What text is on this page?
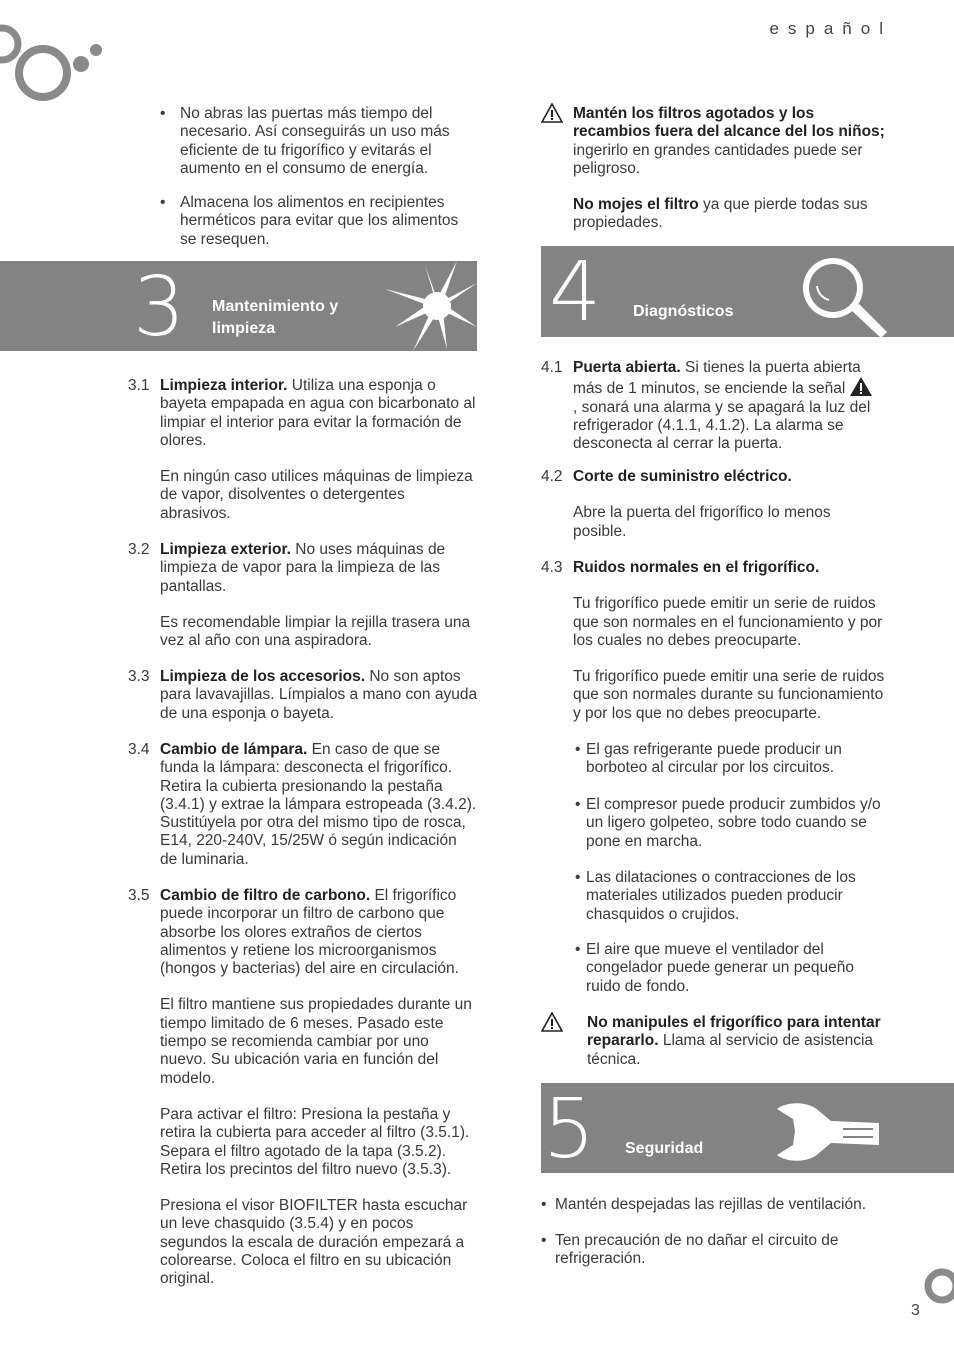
español
• No abras las puertas más tiempo del necesario. Así conseguirás un uso más eficiente de tu frigorífico y evitarás el aumento en el consumo de energía.
• Almacena los alimentos en recipientes herméticos para evitar que los alimentos se resequen.
3 Mantenimiento y
limpieza
3.1 Limpieza interior. Utiliza una esponja o bayeta empapada en agua con bicarbonato al limpiar el interior para evitar la formación de olores.

En ningún caso utilices máquinas de limpieza de vapor, disolventes o detergentes abrasivos.

3.2 Limpieza exterior. No uses máquinas de limpieza de vapor para la limpieza de las pantallas.

Es recomendable limpiar la rejilla trasera una vez al año con una aspiradora.

3.3 Limpieza de los accesorios. No son aptos para lavavajillas. Límpialos a mano con ayuda de una esponja o bayeta.

3.4 Cambio de lámpara. En caso de que se funda la lámpara: desconecta el frigorífico. Retira la cubierta presionando la pestaña (3.4.1) y extrae la lámpara estropeada (3.4.2). Sustitúyela por otra del mismo tipo de rosca, E14, 220-240V, 15/25W ó según indicación de luminaria.

3.5 Cambio de filtro de carbono. El frigorífico puede incorporar un filtro de carbono que absorbe los olores extraños de ciertos alimentos y retiene los microorganismos (hongos y bacterias) del aire en circulación.

El filtro mantiene sus propiedades durante un tiempo limitado de 6 meses. Pasado este tiempo se recomienda cambiar por uno nuevo. Su ubicación varia en función del modelo.

Para activar el filtro: Presiona la pestaña y retira la cubierta para acceder al filtro (3.5.1). Separa el filtro agotado de la tapa (3.5.2). Retira los precintos del filtro nuevo (3.5.3).

Presiona el visor BIOFILTER hasta escuchar un leve chasquido (3.5.4) y en pocos segundos la escala de duración empezará a colorearse. Coloca el filtro en su ubicación original.

Mantén los filtros agotados y los recambios fuera del alcance del los niños; ingerirlo en grandes cantidades puede ser peligroso.

No mojes el filtro ya que pierde todas sus propiedades.

4 Diagnósticos
4.1 Puerta abierta. Si tienes la puerta abierta más de 1 minutos, se enciende la señal  , sonará una alarma y se apagará la luz del refrigerador (4.1.1, 4.1.2). La alarma se desconecta al cerrar la puerta.

4.2 Corte de suministro eléctrico.

Abre la puerta del frigorífico lo menos posible.

4.3 Ruidos normales en el frigorífico.

Tu frigorífico puede emitir un serie de ruidos que son normales en el funcionamiento y por los cuales no debes preocuparte.

Tu frigorífico puede emitir una serie de ruidos que son normales durante su funcionamiento y por los que no debes preocuparte.

• El gas refrigerante puede producir un borboteo al circular por los circuitos.
• El compresor puede producir zumbidos y/o un ligero golpeteo, sobre todo cuando se pone en marcha.
• Las dilataciones o contracciones de los materiales utilizados pueden producir chasquidos o crujidos.
• El aire que mueve el ventilador del congelador puede generar un pequeño ruido de fondo.

No manipules el frigorífico para intentar repararlo. Llama al servicio de asistencia técnica.

5 Seguridad
• Mantén despejadas las rejillas de ventilación.
• Ten precaución de no dañar el circuito de refrigeración.
3
